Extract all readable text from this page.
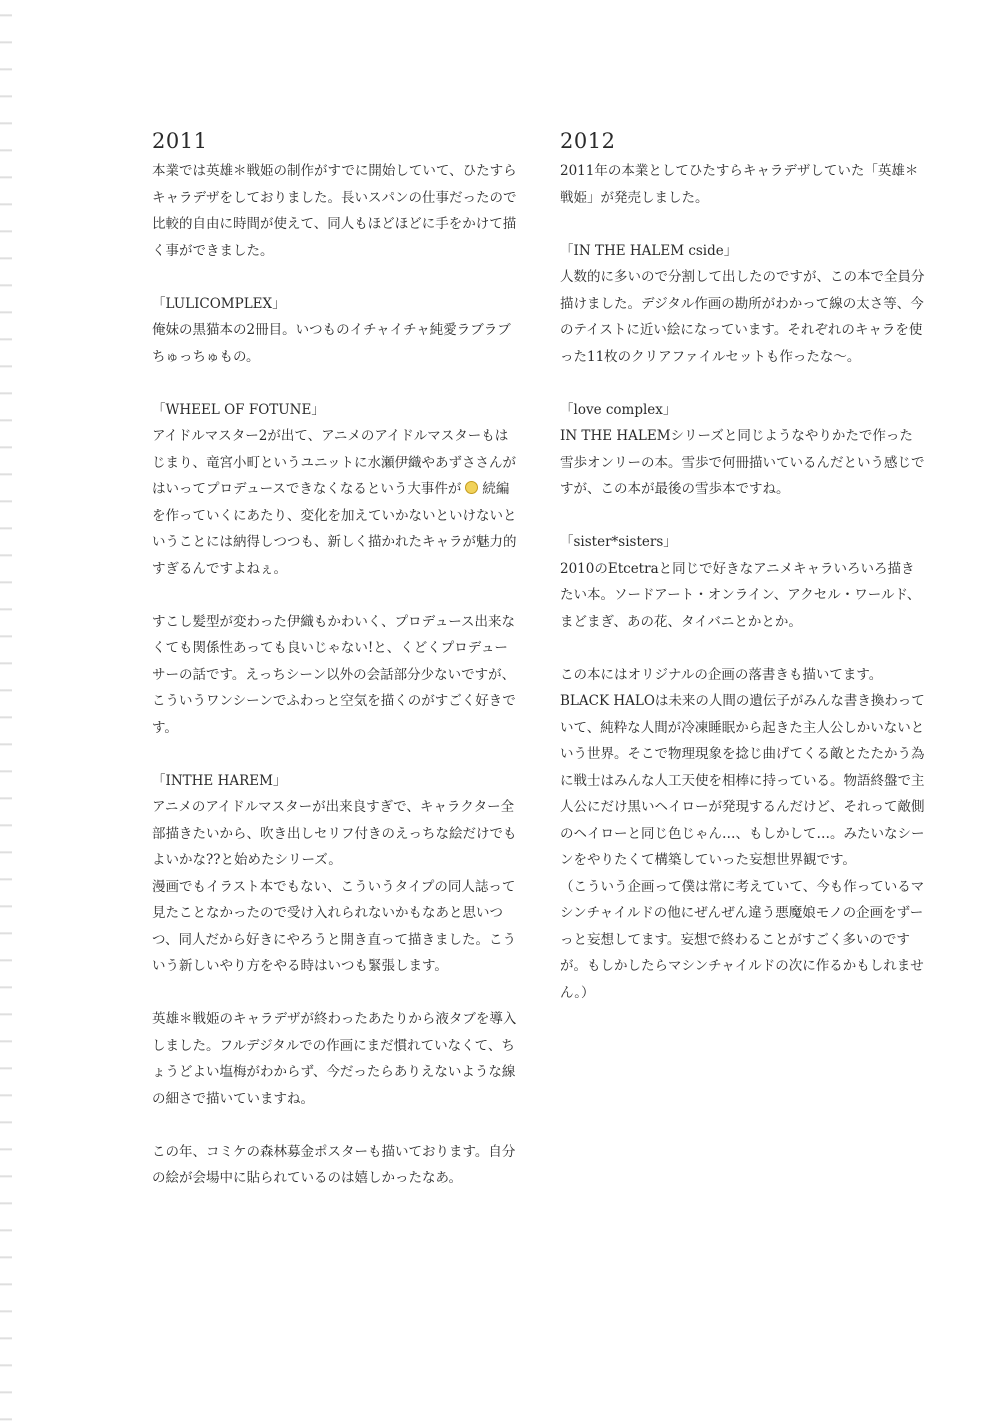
2011

本業では英雄＊戦姫の制作がすでに開始していて、ひたすらキャラデザをしておりました。長いスパンの仕事だったので比較的自由に時間が使えて、同人もほどほどに手をかけて描く事ができました。

「LULICOMPLEX」

俺妹の黒猫本の2冊目。いつものイチャイチャ純愛ラブラブちゅっちゅもの。

「WHEEL OF FOTUNE」

アイドルマスター2が出て、アニメのアイドルマスターもはじまり、竜宮小町というユニットに水瀬伊織やあずささんがはいってプロデュースできなくなるという大事件が 続編を作っていくにあたり、変化を加えていかないといけないということには納得しつつも、新しく描かれたキャラが魅力的すぎるんですよねぇ。

すこし髪型が変わった伊織もかわいく、プロデュース出来なくても関係性あっても良いじゃない!と、くどくプロデューサーの話です。えっちシーン以外の会話部分少ないですが、こういうワンシーンでふわっと空気を描くのがすごく好きです。

「INTHE HAREM」

アニメのアイドルマスターが出来良すぎで、キャラクター全部描きたいから、吹き出しセリフ付きのえっちな絵だけでもよいかな??と始めたシリーズ。

漫画でもイラスト本でもない、こういうタイプの同人誌って見たことなかったので受け入れられないかもなあと思いつつ、同人だから好きにやろうと開き直って描きました。こういう新しいやり方をやる時はいつも緊張します。

英雄＊戦姫のキャラデザが終わったあたりから液タブを導入しました。フルデジタルでの作画にまだ慣れていなくて、ちょうどよい塩梅がわからず、今だったらありえないような線の細さで描いていますね。

この年、コミケの森林募金ポスターも描いております。自分の絵が会場中に貼られているのは嬉しかったなあ。

2012

2011年の本業としてひたすらキャラデザしていた「英雄＊戦姫」が発売しました。

「IN THE HALEM cside」

人数的に多いので分割して出したのですが、この本で全員分描けました。デジタル作画の勘所がわかって線の太さ等、今のテイストに近い絵になっています。それぞれのキャラを使った11枚のクリアファイルセットも作ったな〜。

「love complex」

IN THE HALEMシリーズと同じようなやりかたで作った雪歩オンリーの本。雪歩で何冊描いているんだという感じですが、この本が最後の雪歩本ですね。

「sister*sisters」

2010のEtcetraと同じで好きなアニメキャラいろいろ描きたい本。ソードアート・オンライン、アクセル・ワールド、まどまぎ、あの花、タイバニとかとか。

この本にはオリジナルの企画の落書きも描いてます。BLACK HALOは未来の人間の遺伝子がみんな書き換わっていて、純粋な人間が冷凍睡眠から起きた主人公しかいないという世界。そこで物理現象を捻じ曲げてくる敵とたたかう為に戦士はみんな人工天使を相棒に持っている。物語終盤で主人公にだけ黒いヘイローが発現するんだけど、それって敵側のヘイローと同じ色じゃん…、もしかして…。みたいなシーンをやりたくて構築していった妄想世界観です。

（こういう企画って僕は常に考えていて、今も作っているマシンチャイルドの他にぜんぜん違う悪魔娘モノの企画をずーっと妄想してます。妄想で終わることがすごく多いのですが。もしかしたらマシンチャイルドの次に作るかもしれません。）
